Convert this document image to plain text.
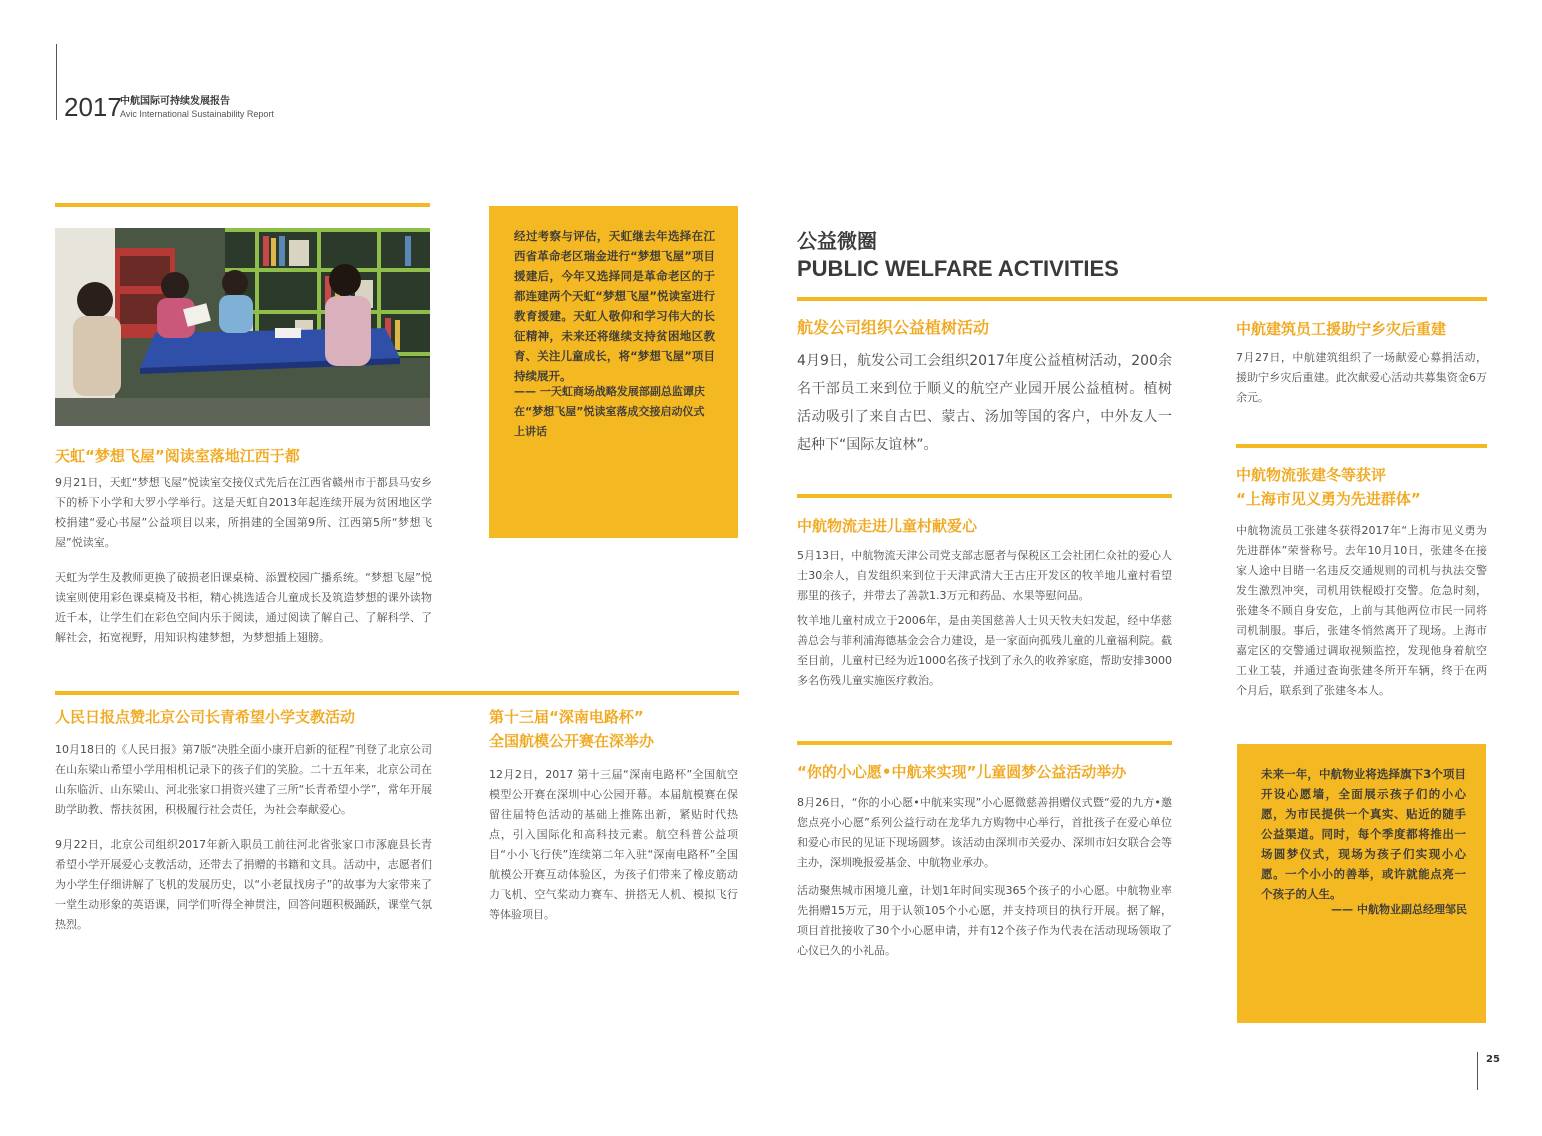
2017
中航国际可持续发展报告
Avic International Sustainability Report
天虹“梦想飞屋”阅读室落地江西于都
9月21日，天虹“梦想飞屋”悦读室交接仪式先后在江西省赣州市于都县马安乡下的桥下小学和大罗小学举行。这是天虹自2013年起连续开展为贫困地区学校捐建“爱心书屋”公益项目以来，所捐建的全国第9所、江西第5所“梦想飞屋”悦读室。
天虹为学生及教师更换了破损老旧课桌椅、添置校园广播系统。“梦想飞屋”悦读室则使用彩色课桌椅及书柜，精心挑选适合儿童成长及筑造梦想的课外读物近千本，让学生们在彩色空间内乐于阅读，通过阅读了解自己、了解科学、了解社会，拓宽视野，用知识构建梦想，为梦想插上翅膀。
经过考察与评估，天虹继去年选择在江西省革命老区瑞金进行“梦想飞屋”项目援建后，今年又选择同是革命老区的于都连建两个天虹“梦想飞屋”悦读室进行教育援建。天虹人敬仰和学习伟大的长征精神，未来还将继续支持贫困地区教育、关注儿童成长，将“梦想飞屋”项目持续展开。
—— 一天虹商场战略发展部副总监谭庆在“梦想飞屋”悦读室落成交接启动仪式上讲话
人民日报点赞北京公司长青希望小学支教活动
10月18日的《人民日报》第7版“决胜全面小康开启新的征程”刊登了北京公司在山东梁山希望小学用相机记录下的孩子们的笑脸。二十五年来，北京公司在山东临沂、山东梁山、河北张家口捐资兴建了三所“长青希望小学”，常年开展助学助教、帮扶贫困，积极履行社会责任，为社会奉献爱心。
9月22日，北京公司组织2017年新入职员工前往河北省张家口市涿鹿县长青希望小学开展爱心支教活动，还带去了捐赠的书籍和文具。活动中，志愿者们为小学生仔细讲解了飞机的发展历史，以“小老鼠找房子”的故事为大家带来了一堂生动形象的英语课，同学们听得全神贯注，回答问题积极踊跃，课堂气氛热烈。
第十三届“深南电路杯”
全国航模公开赛在深举办
12月2日，2017 第十三届“深南电路杯”全国航空模型公开赛在深圳中心公园开幕。本届航模赛在保留往届特色活动的基础上推陈出新，紧贴时代热点，引入国际化和高科技元素。航空科普公益项目“小小飞行侠”连续第二年入驻“深南电路杯”全国航模公开赛互动体验区，为孩子们带来了橡皮筋动力飞机、空气桨动力赛车、拼搭无人机、模拟飞行等体验项目。
公益微圈
PUBLIC WELFARE ACTIVITIES
航发公司组织公益植树活动
4月9日，航发公司工会组织2017年度公益植树活动，200余名干部员工来到位于顺义的航空产业园开展公益植树。植树活动吸引了来自古巴、蒙古、汤加等国的客户，中外友人一起种下“国际友谊林”。
中航建筑员工援助宁乡灾后重建
7月27日，中航建筑组织了一场献爱心募捐活动，援助宁乡灾后重建。此次献爱心活动共募集资金6万余元。
中航物流张建冬等获评
“上海市见义勇为先进群体”
中航物流员工张建冬获得2017年“上海市见义勇为先进群体”荣誉称号。去年10月10日，张建冬在接家人途中目睹一名违反交通规则的司机与执法交警发生激烈冲突，司机用铁棍殴打交警。危急时刻，张建冬不顾自身安危，上前与其他两位市民一同将司机制服。事后，张建冬悄然离开了现场。上海市嘉定区的交警通过调取视频监控，发现他身着航空工业工装，并通过查询张建冬所开车辆，终于在两个月后，联系到了张建冬本人。
中航物流走进儿童村献爱心
5月13日，中航物流天津公司党支部志愿者与保税区工会社团仁众社的爱心人士30余人，自发组织来到位于天津武清大王古庄开发区的牧羊地儿童村看望那里的孩子，并带去了善款1.3万元和药品、水果等慰问品。
牧羊地儿童村成立于2006年，是由美国慈善人士贝天牧夫妇发起，经中华慈善总会与菲利浦海德基金会合力建设，是一家面向孤残儿童的儿童福利院。截至目前，儿童村已经为近1000名孩子找到了永久的收养家庭，帮助安排3000多名伤残儿童实施医疗救治。
“你的小心愿•中航来实现”儿童圆梦公益活动举办
8月26日，“你的小心愿•中航来实现”小心愿微慈善捐赠仪式暨“爱的九方•邀您点亮小心愿”系列公益行动在龙华九方购物中心举行，首批孩子在爱心单位和爱心市民的见证下现场圆梦。该活动由深圳市关爱办、深圳市妇女联合会等主办，深圳晚报爱基金、中航物业承办。
活动聚焦城市困境儿童，计划1年时间实现365个孩子的小心愿。中航物业率先捐赠15万元，用于认领105个小心愿，并支持项目的执行开展。据了解，项目首批接收了30个小心愿申请，并有12个孩子作为代表在活动现场领取了心仪已久的小礼品。
未来一年，中航物业将选择旗下3个项目开设心愿墙，全面展示孩子们的小心愿，为市民提供一个真实、贴近的随手公益渠道。同时，每个季度都将推出一场圆梦仪式，现场为孩子们实现小心愿。一个小小的善举，或许就能点亮一个孩子的人生。
—— 中航物业副总经理邹民
25
